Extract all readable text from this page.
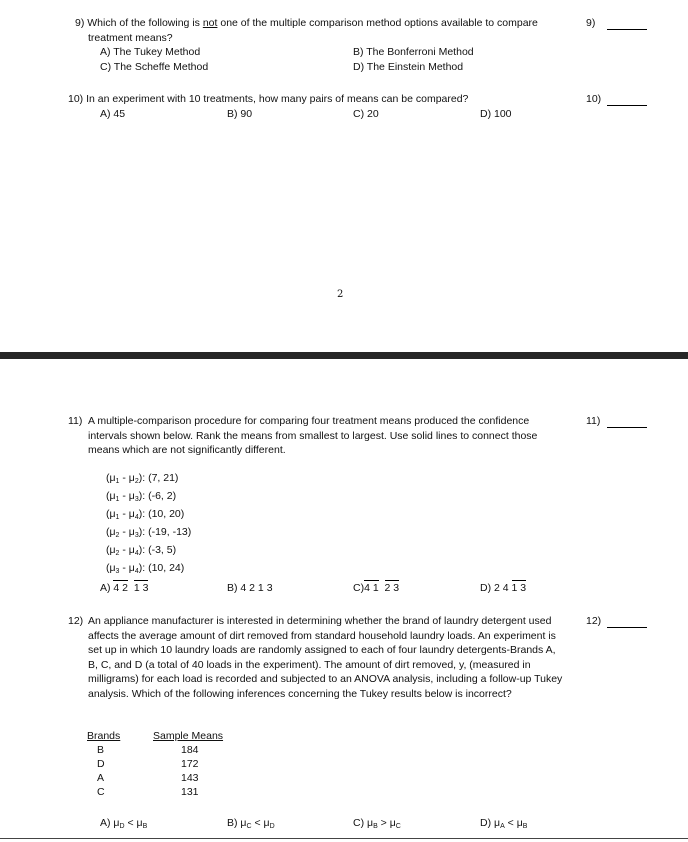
9) Which of the following is not one of the multiple comparison method options available to compare
treatment means?
A) The Tukey Method	B) The Bonferroni Method
C) The Scheffe Method	D) The Einstein Method
9)
10) In an experiment with 10 treatments, how many pairs of means can be compared?
A) 45	B) 90	C) 20	D) 100
10)
2
11) A multiple-comparison procedure for comparing four treatment means produced the confidence intervals shown below. Rank the means from smallest to largest. Use solid lines to connect those means which are not significantly different.
$(\mu_1 - \mu_2)$: (7, 21)
$(\mu_1 - \mu_3)$: (-6, 2)
$(\mu_1 - \mu_4)$: (10, 20)
$(\mu_2 - \mu_3)$: (-19, -13)
$(\mu_2 - \mu_4)$: (-3, 5)
$(\mu_3 - \mu_4)$: (10, 24)
A) 4 2 1 3	B) 4 2 1 3	C)4 1 2 3	D) 2 4 1 3
11)
12) An appliance manufacturer is interested in determining whether the brand of laundry detergent used affects the average amount of dirt removed from standard household laundry loads. An experiment is set up in which 10 laundry loads are randomly assigned to each of four laundry detergents-Brands A, B, C, and D (a total of 40 loads in the experiment). The amount of dirt removed, y, (measured in milligrams) for each load is recorded and subjected to an ANOVA analysis, including a follow-up Tukey analysis. Which of the following inferences concerning the Tukey results below is incorrect?
Brands	Sample Means
B	184
D	172
A	143
C	131
A) $\mu_D < \mu_B$	B) $\mu_C < \mu_D$	C) $\mu_B > \mu_C$	D) $\mu_A < \mu_B$
12)
